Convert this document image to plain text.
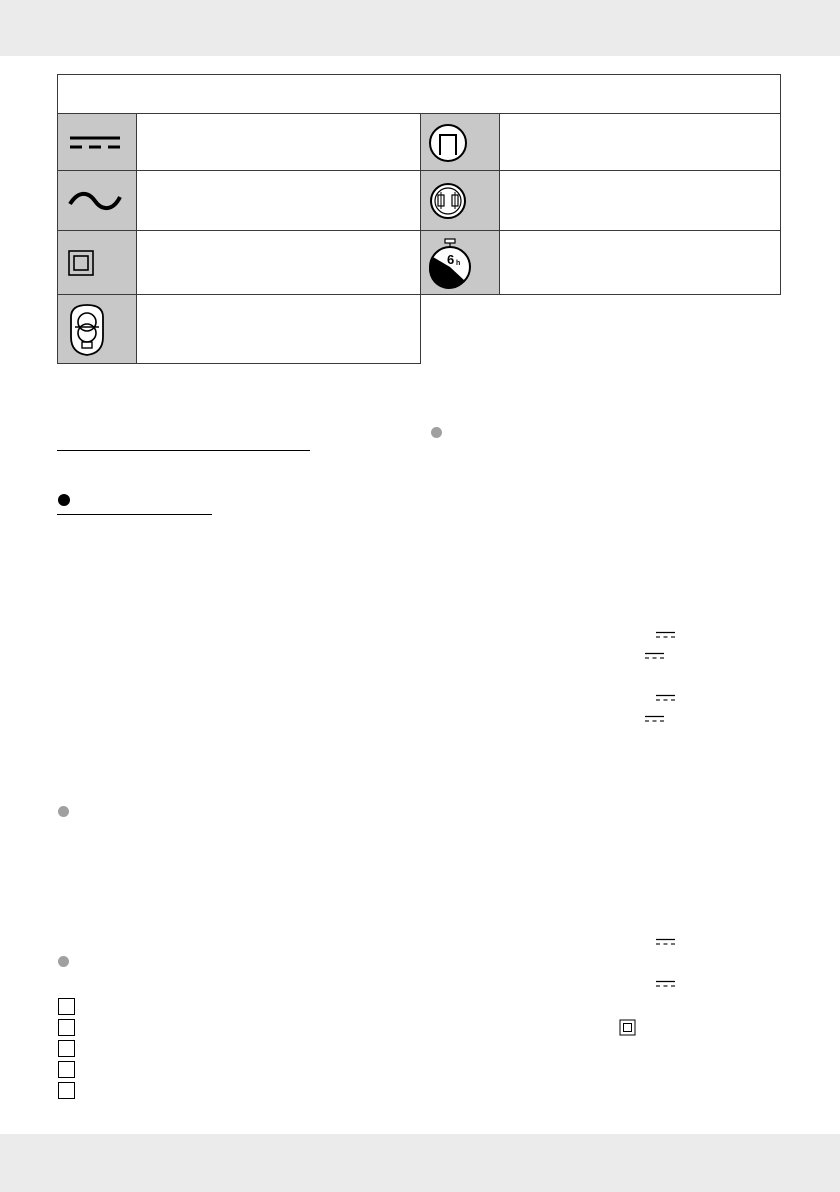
6 h
